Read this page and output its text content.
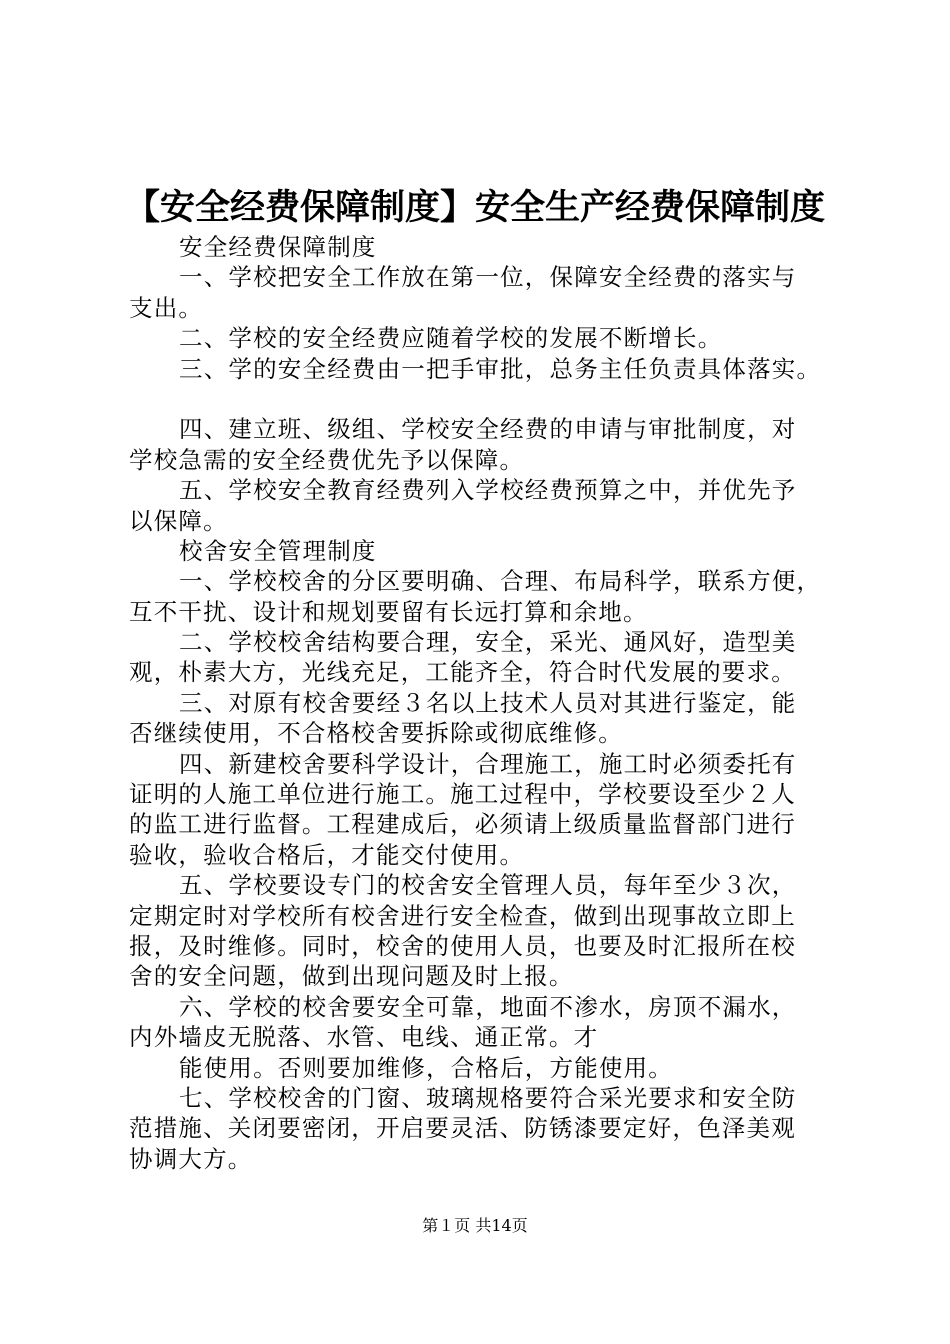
【安全经费保障制度】安全生产经费保障制度
安全经费保障制度
一、学校把安全工作放在第一位，保障安全经费的落实与
支出。
二、学校的安全经费应随着学校的发展不断增长。
三、学的安全经费由一把手审批，总务主任负责具体落实。
四、建立班、级组、学校安全经费的申请与审批制度，对
学校急需的安全经费优先予以保障。
五、学校安全教育经费列入学校经费预算之中，并优先予
以保障。
校舍安全管理制度
一、学校校舍的分区要明确、合理、布局科学，联系方便，
互不干扰、设计和规划要留有长远打算和余地。
二、学校校舍结构要合理，安全，采光、通风好，造型美
观，朴素大方，光线充足，工能齐全，符合时代发展的要求。
三、对原有校舍要经３名以上技术人员对其进行鉴定，能
否继续使用，不合格校舍要拆除或彻底维修。
四、新建校舍要科学设计，合理施工，施工时必须委托有
证明的人施工单位进行施工。施工过程中，学校要设至少２人
的监工进行监督。工程建成后，必须请上级质量监督部门进行
验收，验收合格后，才能交付使用。
五、学校要设专门的校舍安全管理人员，每年至少３次，
定期定时对学校所有校舍进行安全检查，做到出现事故立即上
报，及时维修。同时，校舍的使用人员，也要及时汇报所在校
舍的安全问题，做到出现问题及时上报。
六、学校的校舍要安全可靠，地面不渗水，房顶不漏水，
内外墙皮无脱落、水管、电线、通正常。才
能使用。否则要加维修，合格后，方能使用。
七、学校校舍的门窗、玻璃规格要符合采光要求和安全防
范措施、关闭要密闭，开启要灵活、防锈漆要定好，色泽美观
协调大方。
第１页 共14页
